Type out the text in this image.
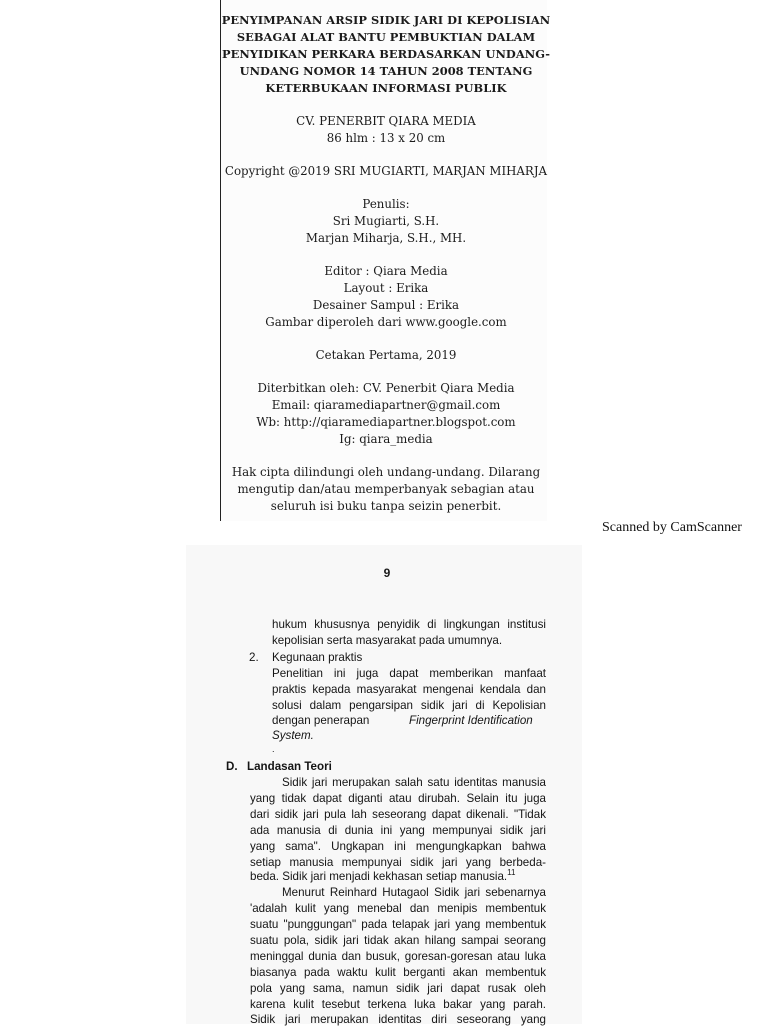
PENYIMPANAN ARSIP SIDIK JARI DI KEPOLISIAN
SEBAGAI ALAT BANTU PEMBUKTIAN DALAM
PENYIDIKAN PERKARA BERDASARKAN UNDANG-
UNDANG NOMOR 14 TAHUN 2008 TENTANG
KETERBUKAAN INFORMASI PUBLIK
CV. PENERBIT QIARA MEDIA
86 hlm : 13 x 20 cm
Copyright @2019 SRI MUGIARTI, MARJAN MIHARJA
Penulis:
Sri Mugiarti, S.H.
Marjan Miharja, S.H., MH.
Editor : Qiara Media
Layout : Erika
Desainer Sampul : Erika
Gambar diperoleh dari www.google.com
Cetakan Pertama, 2019
Diterbitkan oleh: CV. Penerbit Qiara Media
Email: qiaramediapartner@gmail.com
Wb: http://qiaramediapartner.blogspot.com
Ig: qiara_media
Hak cipta dilindungi oleh undang-undang. Dilarang
mengutip dan/atau memperbanyak sebagian atau
seluruh isi buku tanpa seizin penerbit.
Scanned by CamScanner
9
hukum khususnya penyidik di lingkungan institusi
kepolisian serta masyarakat pada umumnya.
2. Kegunaan praktis
Penelitian ini juga dapat memberikan manfaat
praktis kepada masyarakat mengenai kendala dan
solusi dalam pengarsipan sidik jari di Kepolisian
dengan penerapan	Fingerprint Identification
System.
.
D. Landasan Teori
Sidik jari merupakan salah satu identitas manusia
yang tidak dapat diganti atau dirubah. Selain itu juga
dari sidik jari pula lah seseorang dapat dikenali. "Tidak
ada manusia di dunia ini yang mempunyai sidik jari
yang sama". Ungkapan ini mengungkapkan bahwa
setiap manusia mempunyai sidik jari yang berbeda-
beda. Sidik jari menjadi kekhasan setiap manusia.$^{11}$
Menurut Reinhard Hutagaol Sidik jari sebenarnya
'adalah kulit yang menebal dan menipis membentuk
suatu "punggungan" pada telapak jari yang membentuk
suatu pola, sidik jari tidak akan hilang sampai seorang
meninggal dunia dan busuk, goresan-goresan atau luka
biasanya pada waktu kulit berganti akan membentuk
pola yang sama, namun sidik jari dapat rusak oleh
karena kulit tesebut terkena luka bakar yang parah.
Sidik jari merupakan identitas diri seseorang yang
